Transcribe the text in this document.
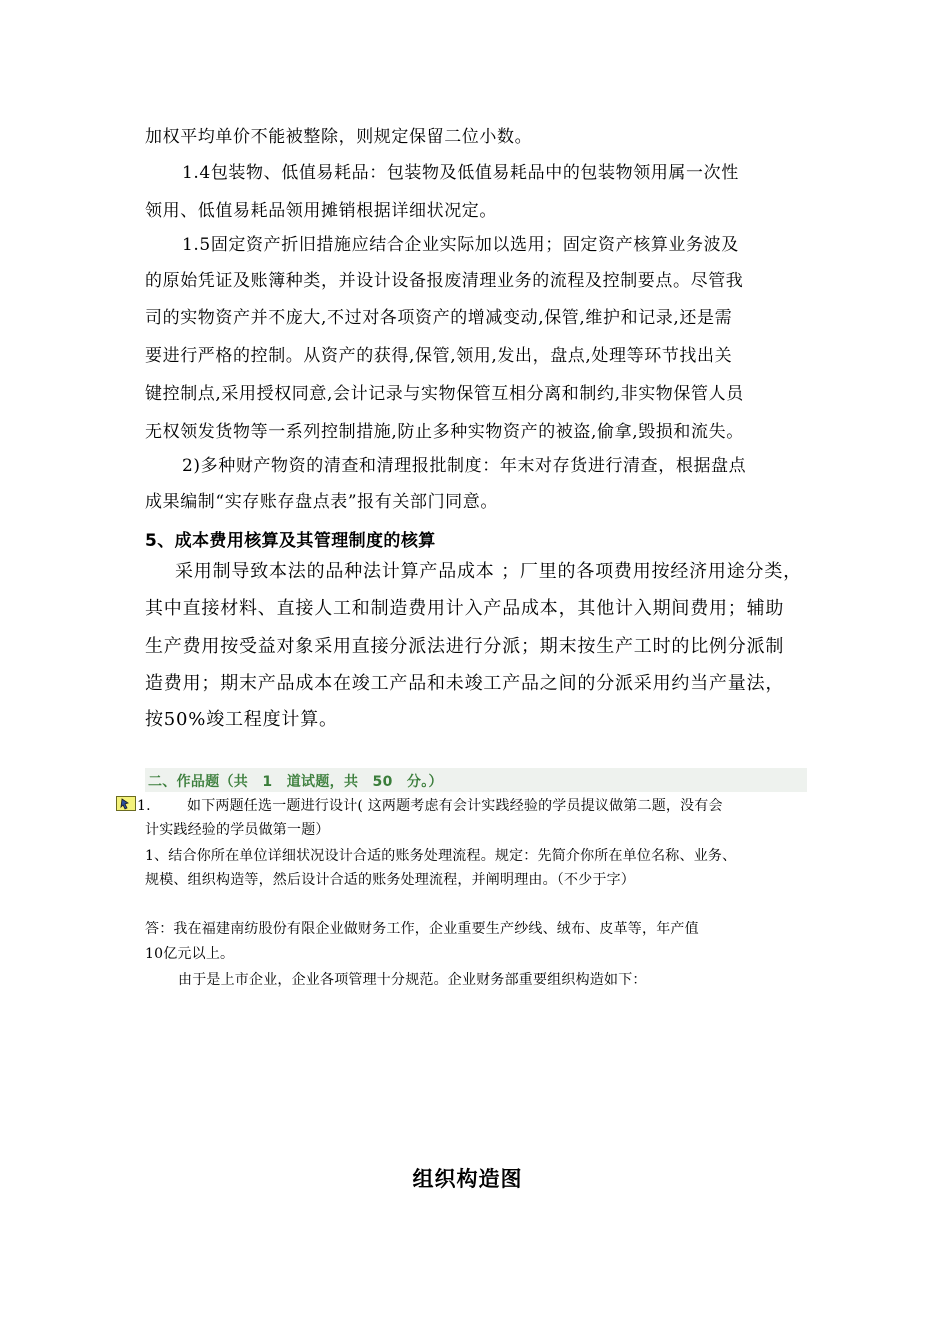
加权平均单价不能被整除，则规定保留二位小数。
1.4包装物、低值易耗品：包装物及低值易耗品中的包装物领用属一次性
领用、低值易耗品领用摊销根据详细状况定。
1.5固定资产折旧措施应结合企业实际加以选用；固定资产核算业务波及
的原始凭证及账簿种类，并设计设备报废清理业务的流程及控制要点。尽管我
司的实物资产并不庞大,不过对各项资产的增减变动,保管,维护和记录,还是需
要进行严格的控制。从资产的获得,保管,领用,发出，盘点,处理等环节找出关
键控制点,采用授权同意,会计记录与实物保管互相分离和制约,非实物保管人员
无权领发货物等一系列控制措施,防止多种实物资产的被盗,偷拿,毁损和流失。
2)多种财产物资的清查和清理报批制度：年末对存货进行清查，根据盘点
成果编制“实存账存盘点表”报有关部门同意。
5、成本费用核算及其管理制度的核算
采用制导致本法的品种法计算产品成本 ；厂里的各项费用按经济用途分类，
其中直接材料、直接人工和制造费用计入产品成本，其他计入期间费用；辅助
生产费用按受益对象采用直接分派法进行分派；期末按生产工时的比例分派制
造费用；期末产品成本在竣工产品和未竣工产品之间的分派采用约当产量法，
按50%竣工程度计算。
二、作品题（共　1　道试题，共　50　分。）
1.	如下两题任选一题进行设计( 这两题考虑有会计实践经验的学员提议做第二题，没有会
计实践经验的学员做第一题）
1、结合你所在单位详细状况设计合适的账务处理流程。规定：先简介你所在单位名称、业务、
规模、组织构造等，然后设计合适的账务处理流程，并阐明理由。（不少于字）
答：我在福建南纺股份有限企业做财务工作，企业重要生产纱线、绒布、皮革等，年产值
10亿元以上。
由于是上市企业，企业各项管理十分规范。企业财务部重要组织构造如下：
组织构造图
